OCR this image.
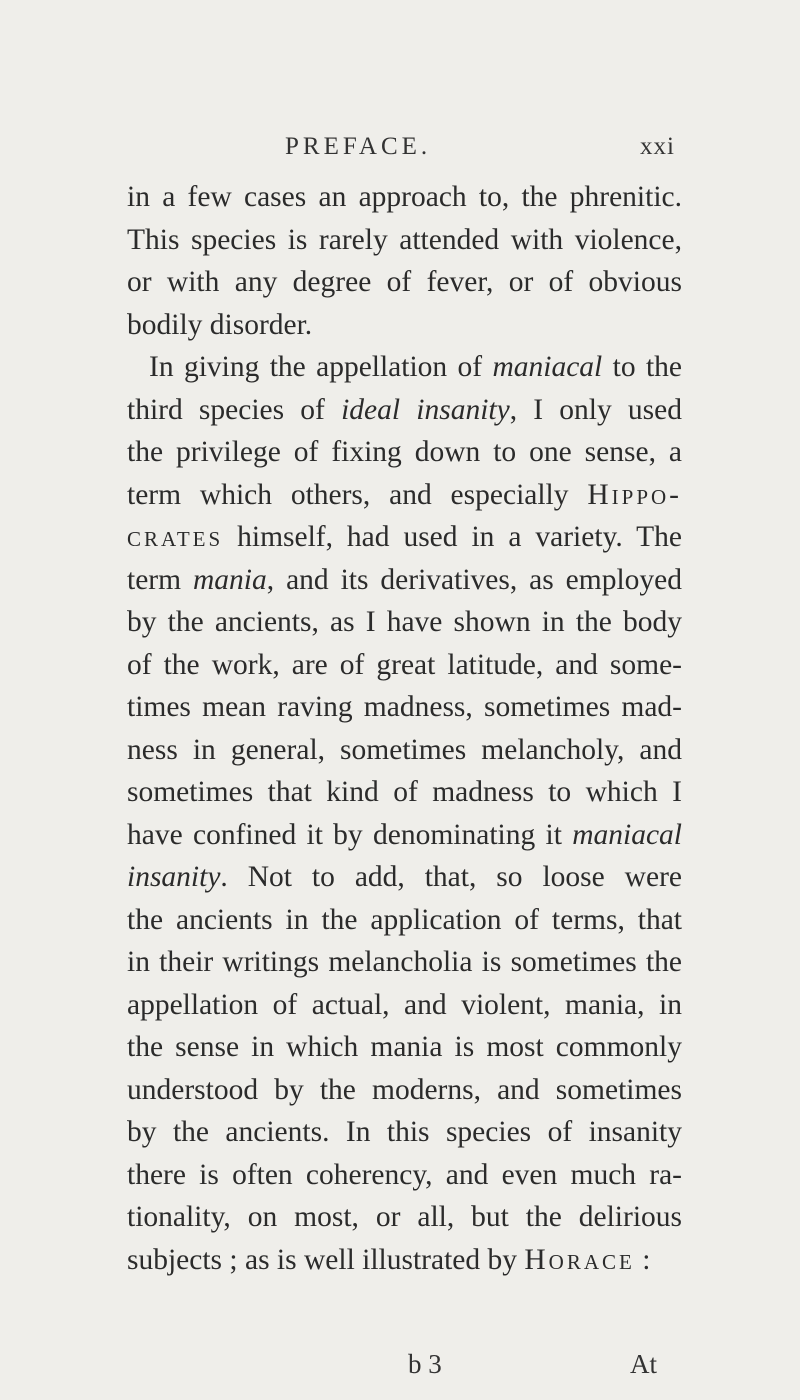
PREFACE.	xxi
in a few cases an approach to, the phrenitic.
This species is rarely attended with violence,
or with any degree of fever, or of obvious
bodily disorder.
In giving the appellation of maniacal to the
third species of ideal insanity, I only used
the privilege of fixing down to one sense, a
term which others, and especially Hippo-
crates himself, had used in a variety. The
term mania, and its derivatives, as employed
by the ancients, as I have shown in the body
of the work, are of great latitude, and some-
times mean raving madness, sometimes mad-
ness in general, sometimes melancholy, and
sometimes that kind of madness to which I
have confined it by denominating it maniacal
insanity. Not to add, that, so loose were
the ancients in the application of terms, that
in their writings melancholia is sometimes the
appellation of actual, and violent, mania, in
the sense in which mania is most commonly
understood by the moderns, and sometimes
by the ancients. In this species of insanity
there is often coherency, and even much ra-
tionality, on most, or all, but the delirious
subjects ; as is well illustrated by Horace :
b 3	At
